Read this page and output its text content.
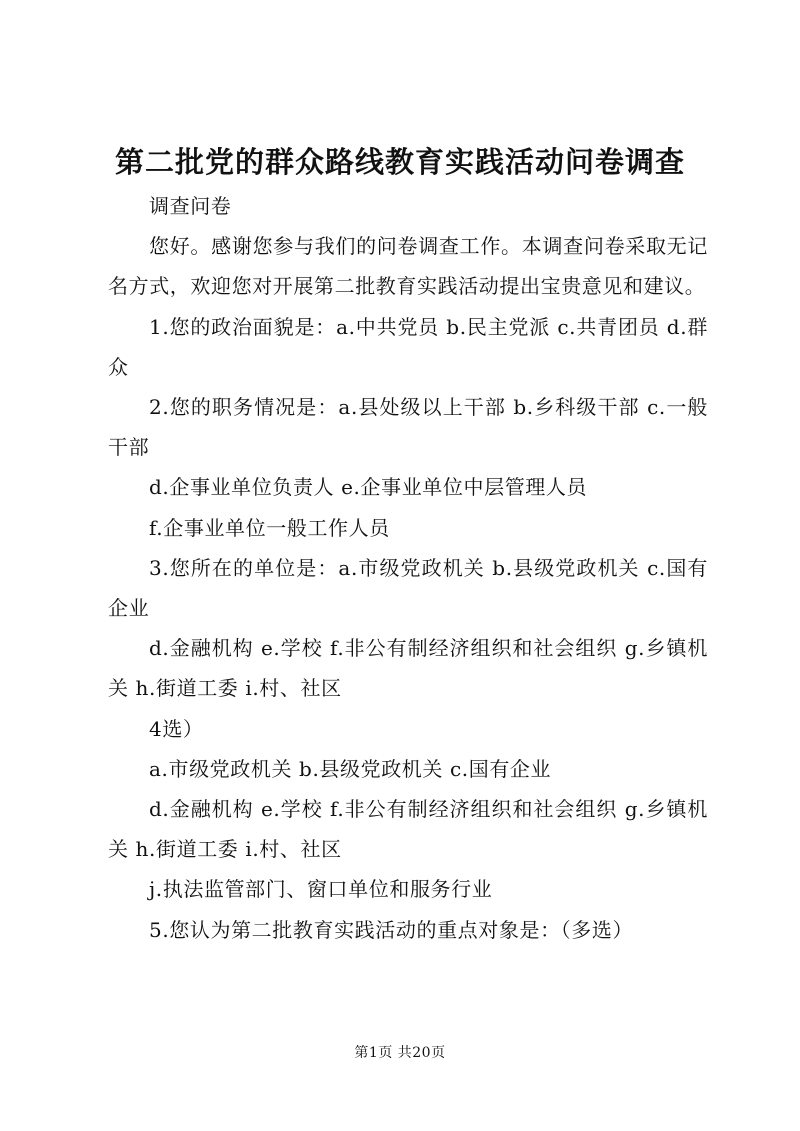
第二批党的群众路线教育实践活动问卷调查

调查问卷

您好。感谢您参与我们的问卷调查工作。本调查问卷采取无记名方式，欢迎您对开展第二批教育实践活动提出宝贵意见和建议。

1.您的政治面貌是：a.中共党员 b.民主党派 c.共青团员 d.群众

2.您的职务情况是：a.县处级以上干部 b.乡科级干部 c.一般干部

d.企事业单位负责人 e.企事业单位中层管理人员

f.企事业单位一般工作人员

3.您所在的单位是：a.市级党政机关 b.县级党政机关 c.国有企业

d.金融机构 e.学校 f.非公有制经济组织和社会组织 g.乡镇机关 h.街道工委 i.村、社区

4选）

a.市级党政机关 b.县级党政机关 c.国有企业

d.金融机构 e.学校 f.非公有制经济组织和社会组织 g.乡镇机关 h.街道工委 i.村、社区

j.执法监管部门、窗口单位和服务行业

5.您认为第二批教育实践活动的重点对象是：（多选）

第1页 共20页
